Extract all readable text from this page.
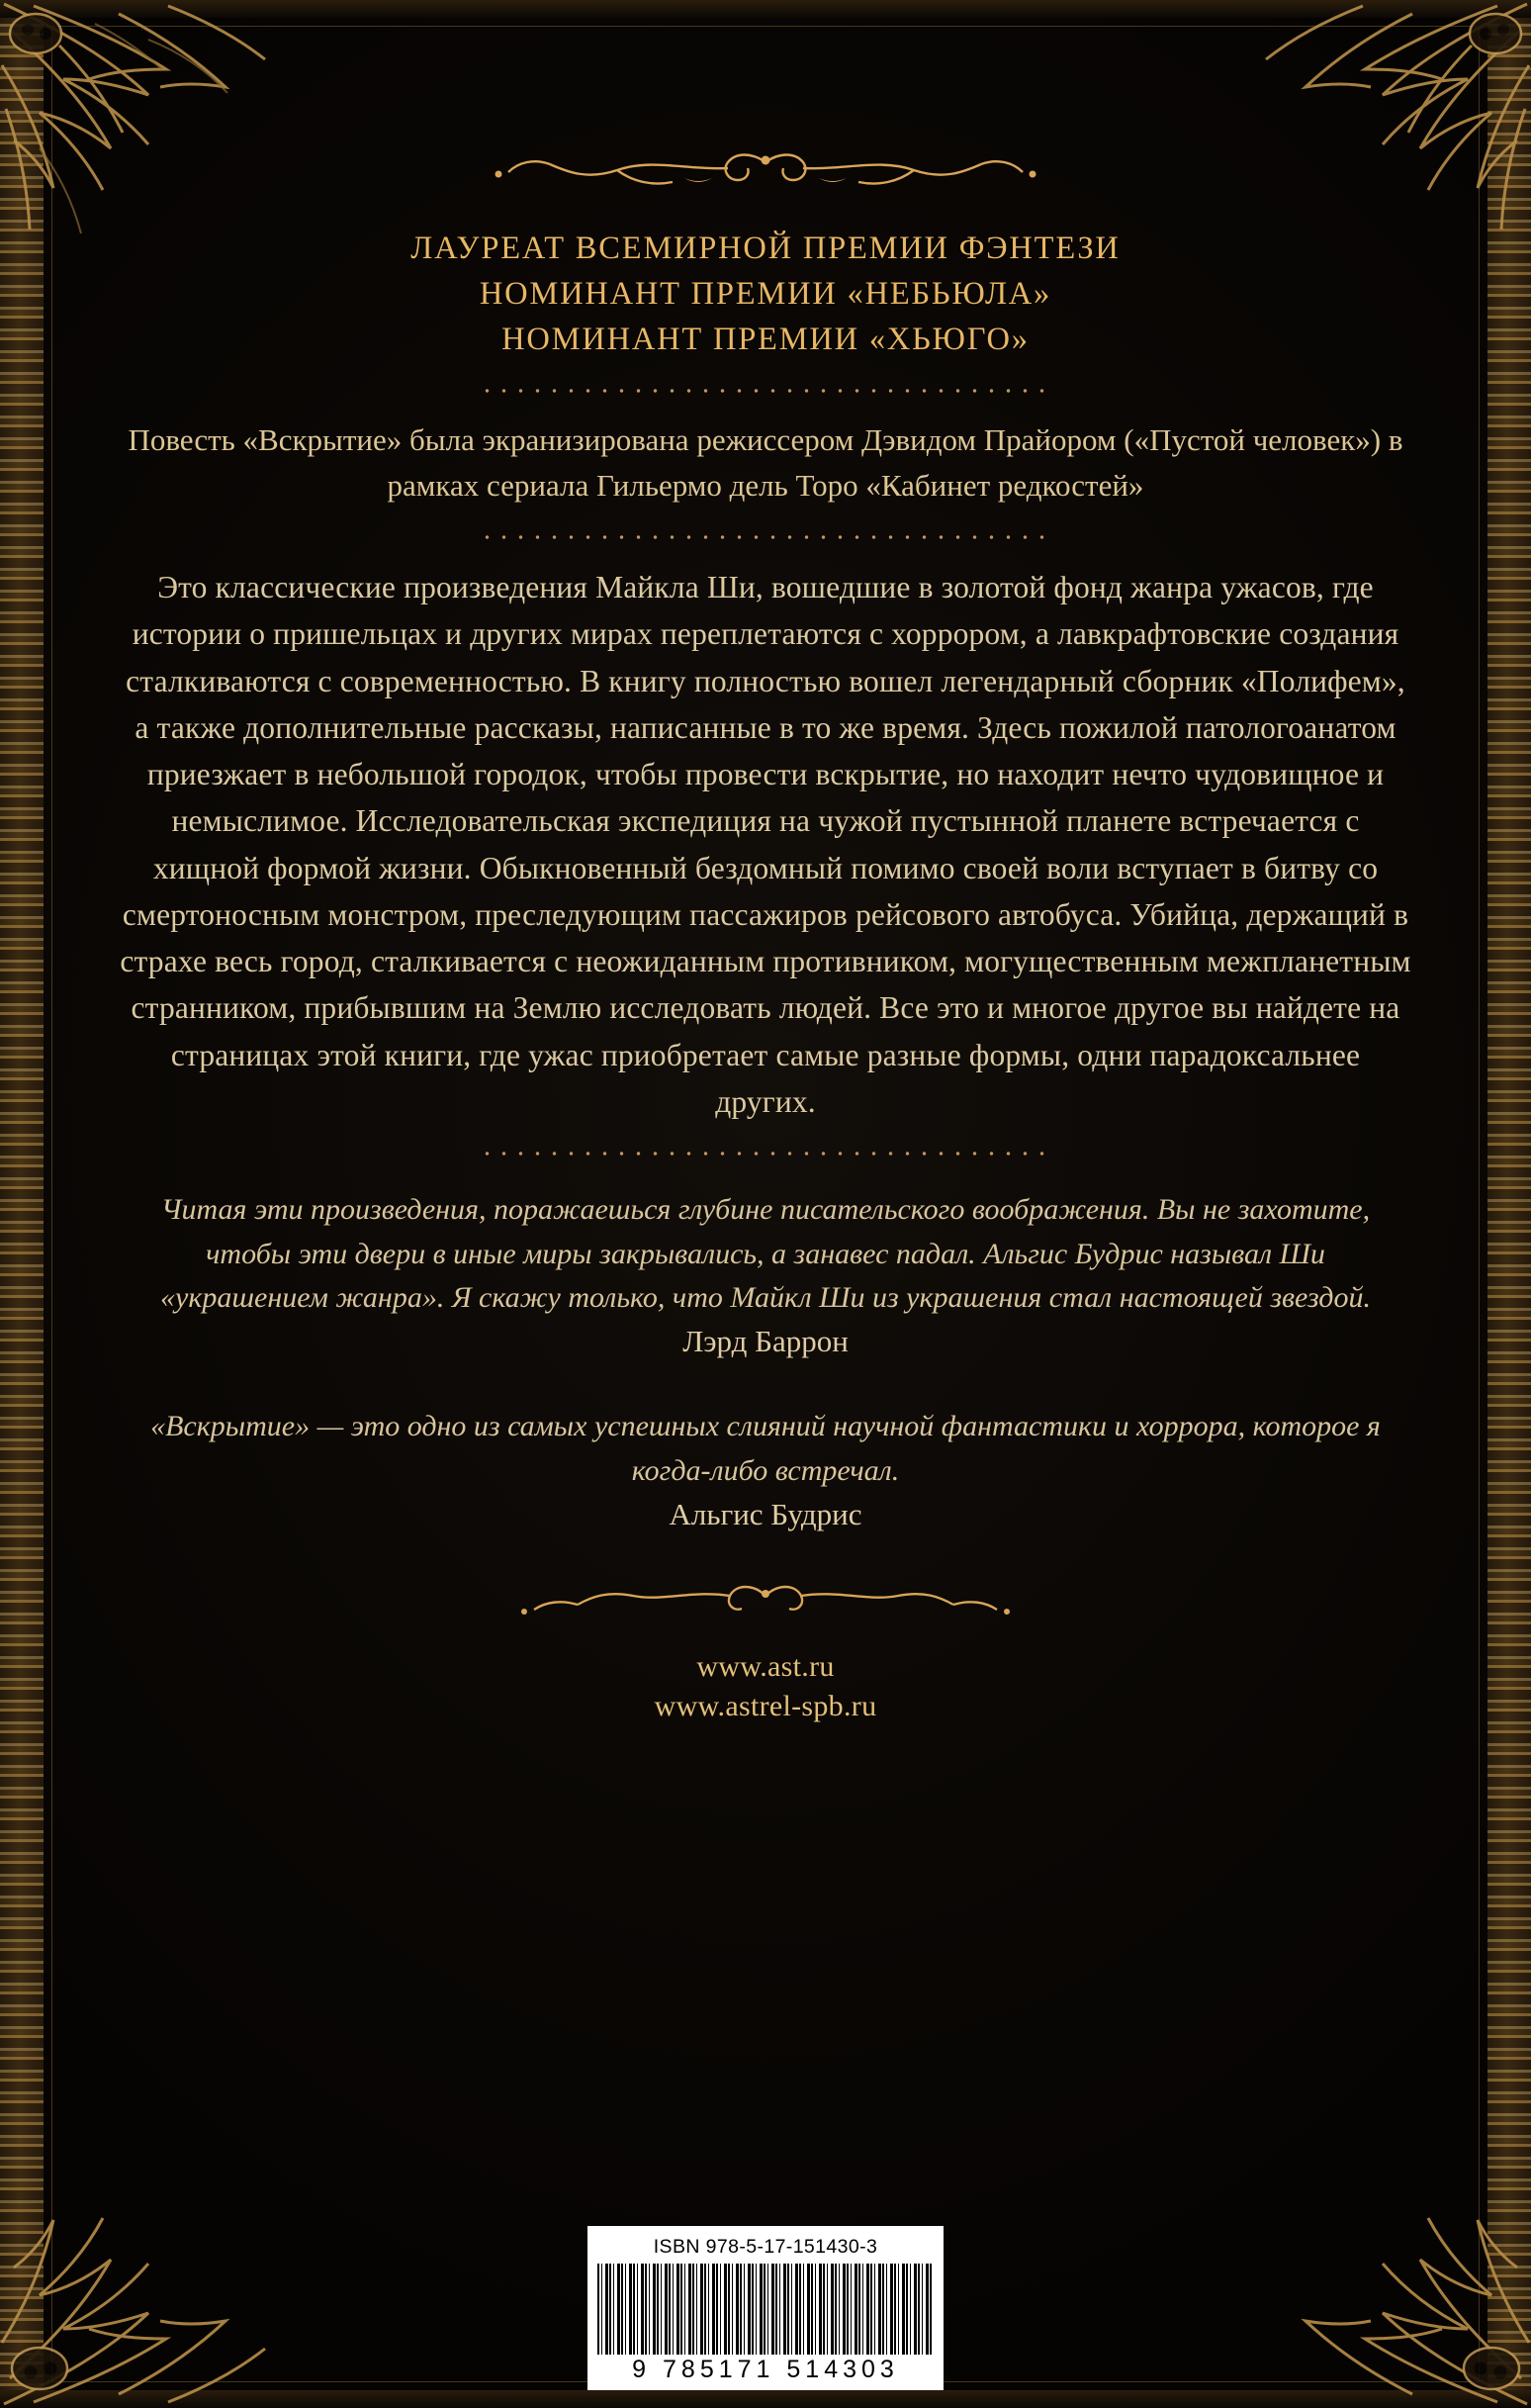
ЛАУРЕАТ ВСЕМИРНОЙ ПРЕМИИ ФЭНТЕЗИ
НОМИНАНТ ПРЕМИИ «НЕБЬЮЛА»
НОМИНАНТ ПРЕМИИ «ХЬЮГО»
Повесть «Вскрытие» была экранизирована режиссером Дэвидом Прайором («Пустой человек») в рамках сериала Гильермо дель Торо «Кабинет редкостей»
Это классические произведения Майкла Ши, вошедшие в золотой фонд жанра ужасов, где истории о пришельцах и других мирах переплетаются с хоррором, а лавкрафтовские создания сталкиваются с современностью. В книгу полностью вошел легендарный сборник «Полифем», а также дополнительные рассказы, написанные в то же время. Здесь пожилой патологоанатом приезжает в небольшой городок, чтобы провести вскрытие, но находит нечто чудовищное и немыслимое. Исследовательская экспедиция на чужой пустынной планете встречается с хищной формой жизни. Обыкновенный бездомный помимо своей воли вступает в битву со смертоносным монстром, преследующим пассажиров рейсового автобуса. Убийца, держащий в страхе весь город, сталкивается с неожиданным противником, могущественным межпланетным странником, прибывшим на Землю исследовать людей. Все это и многое другое вы найдете на страницах этой книги, где ужас приобретает самые разные формы, одни парадоксальнее других.
Читая эти произведения, поражаешься глубине писательского воображения. Вы не захотите, чтобы эти двери в иные миры закрывались, а занавес падал. Альгис Будрис называл Ши «украшением жанра». Я скажу только, что Майкл Ши из украшения стал настоящей звездой.
Лэрд Баррон
«Вскрытие» — это одно из самых успешных слияний научной фантастики и хоррора, которое я когда-либо встречал.
Альгис Будрис
www.ast.ru
www.astrel-spb.ru
ISBN 978-5-17-151430-3
9 785171 514303
